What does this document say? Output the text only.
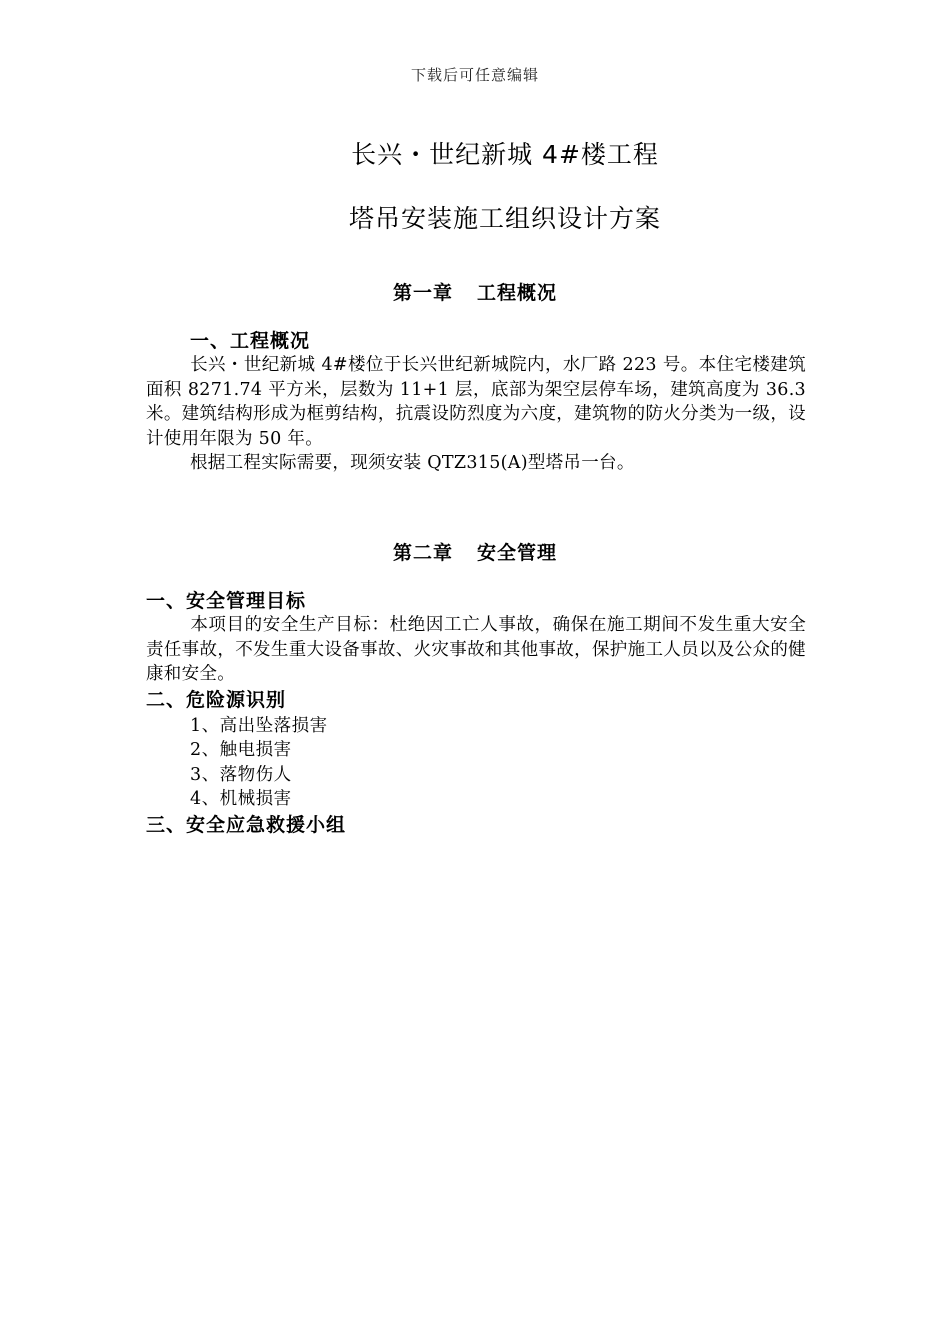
下载后可任意编辑
长兴・世纪新城 4#楼工程
塔吊安装施工组织设计方案
第一章 工程概况
一、工程概况
长兴・世纪新城 4#楼位于长兴世纪新城院内，水厂路 223 号。本住宅楼建筑面积 8271.74 平方米，层数为 11+1 层，底部为架空层停车场，建筑高度为 36.3 米。建筑结构形成为框剪结构，抗震设防烈度为六度，建筑物的防火分类为一级，设计使用年限为 50 年。
根据工程实际需要，现须安装 QTZ315(A)型塔吊一台。
第二章 安全管理
一、安全管理目标
本项目的安全生产目标：杜绝因工亡人事故，确保在施工期间不发生重大安全责任事故，不发生重大设备事故、火灾事故和其他事故，保护施工人员以及公众的健康和安全。
二、危险源识别
1、高出坠落损害
2、触电损害
3、落物伤人
4、机械损害
三、安全应急救援小组
